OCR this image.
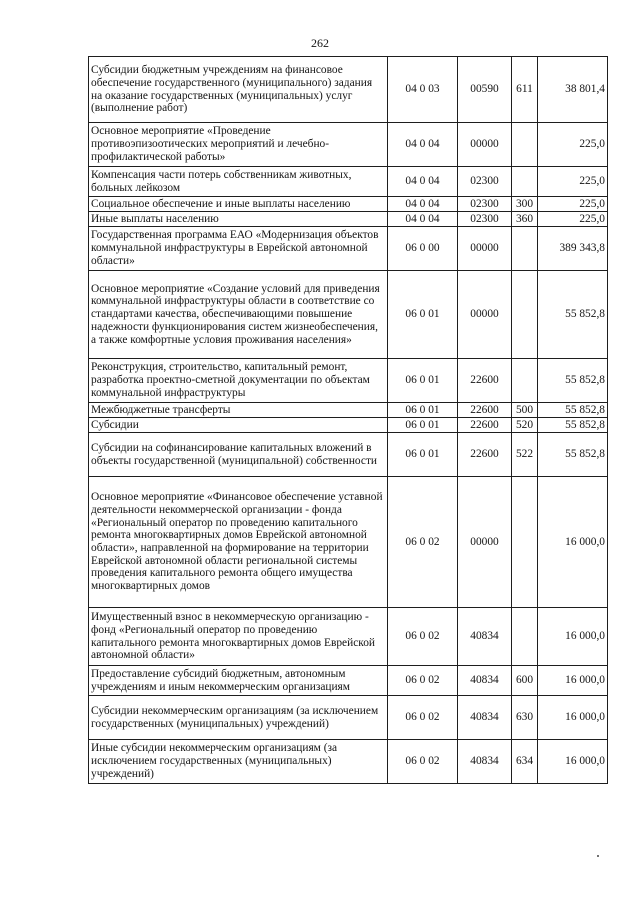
262
Субсидии бюджетным учреждениям на финансовое обеспечение государственного (муниципального) задания на оказание государственных (муниципальных) услуг (выполнение работ)	04 0 03	00590	611	38 801,4
Основное мероприятие «Проведение противоэпизоотических мероприятий и лечебно-профилактической работы»	04 0 04	00000		225,0
Компенсация части потерь собственникам животных, больных лейкозом	04 0 04	02300		225,0
Социальное обеспечение и иные выплаты населению	04 0 04	02300	300	225,0
Иные выплаты населению	04 0 04	02300	360	225,0
Государственная программа ЕАО «Модернизация объектов коммунальной инфраструктуры в Еврейской автономной области»	06 0 00	00000		389 343,8
Основное мероприятие «Создание условий для приведения коммунальной инфраструктуры области в соответствие со стандартами качества, обеспечивающими повышение надежности функционирования систем жизнеобеспечения, а также комфортные условия проживания населения»	06 0 01	00000		55 852,8
Реконструкция, строительство, капитальный ремонт, разработка проектно-сметной документации по объектам коммунальной инфраструктуры	06 0 01	22600		55 852,8
Межбюджетные трансферты	06 0 01	22600	500	55 852,8
Субсидии	06 0 01	22600	520	55 852,8
Субсидии на софинансирование капитальных вложений в объекты государственной (муниципальной) собственности	06 0 01	22600	522	55 852,8
Основное мероприятие «Финансовое обеспечение уставной деятельности некоммерческой организации - фонда «Региональный оператор по проведению капитального ремонта многоквартирных домов Еврейской автономной области», направленной на формирование на территории Еврейской автономной области региональной системы проведения капитального ремонта общего имущества многоквартирных домов	06 0 02	00000		16 000,0
Имущественный взнос в некоммерческую организацию - фонд «Региональный оператор по проведению капитального ремонта многоквартирных домов Еврейской автономной области»	06 0 02	40834		16 000,0
Предоставление субсидий бюджетным, автономным учреждениям и иным некоммерческим организациям	06 0 02	40834	600	16 000,0
Субсидии некоммерческим организациям (за исключением государственных (муниципальных) учреждений)	06 0 02	40834	630	16 000,0
Иные субсидии некоммерческим организациям (за исключением государственных (муниципальных) учреждений)	06 0 02	40834	634	16 000,0
